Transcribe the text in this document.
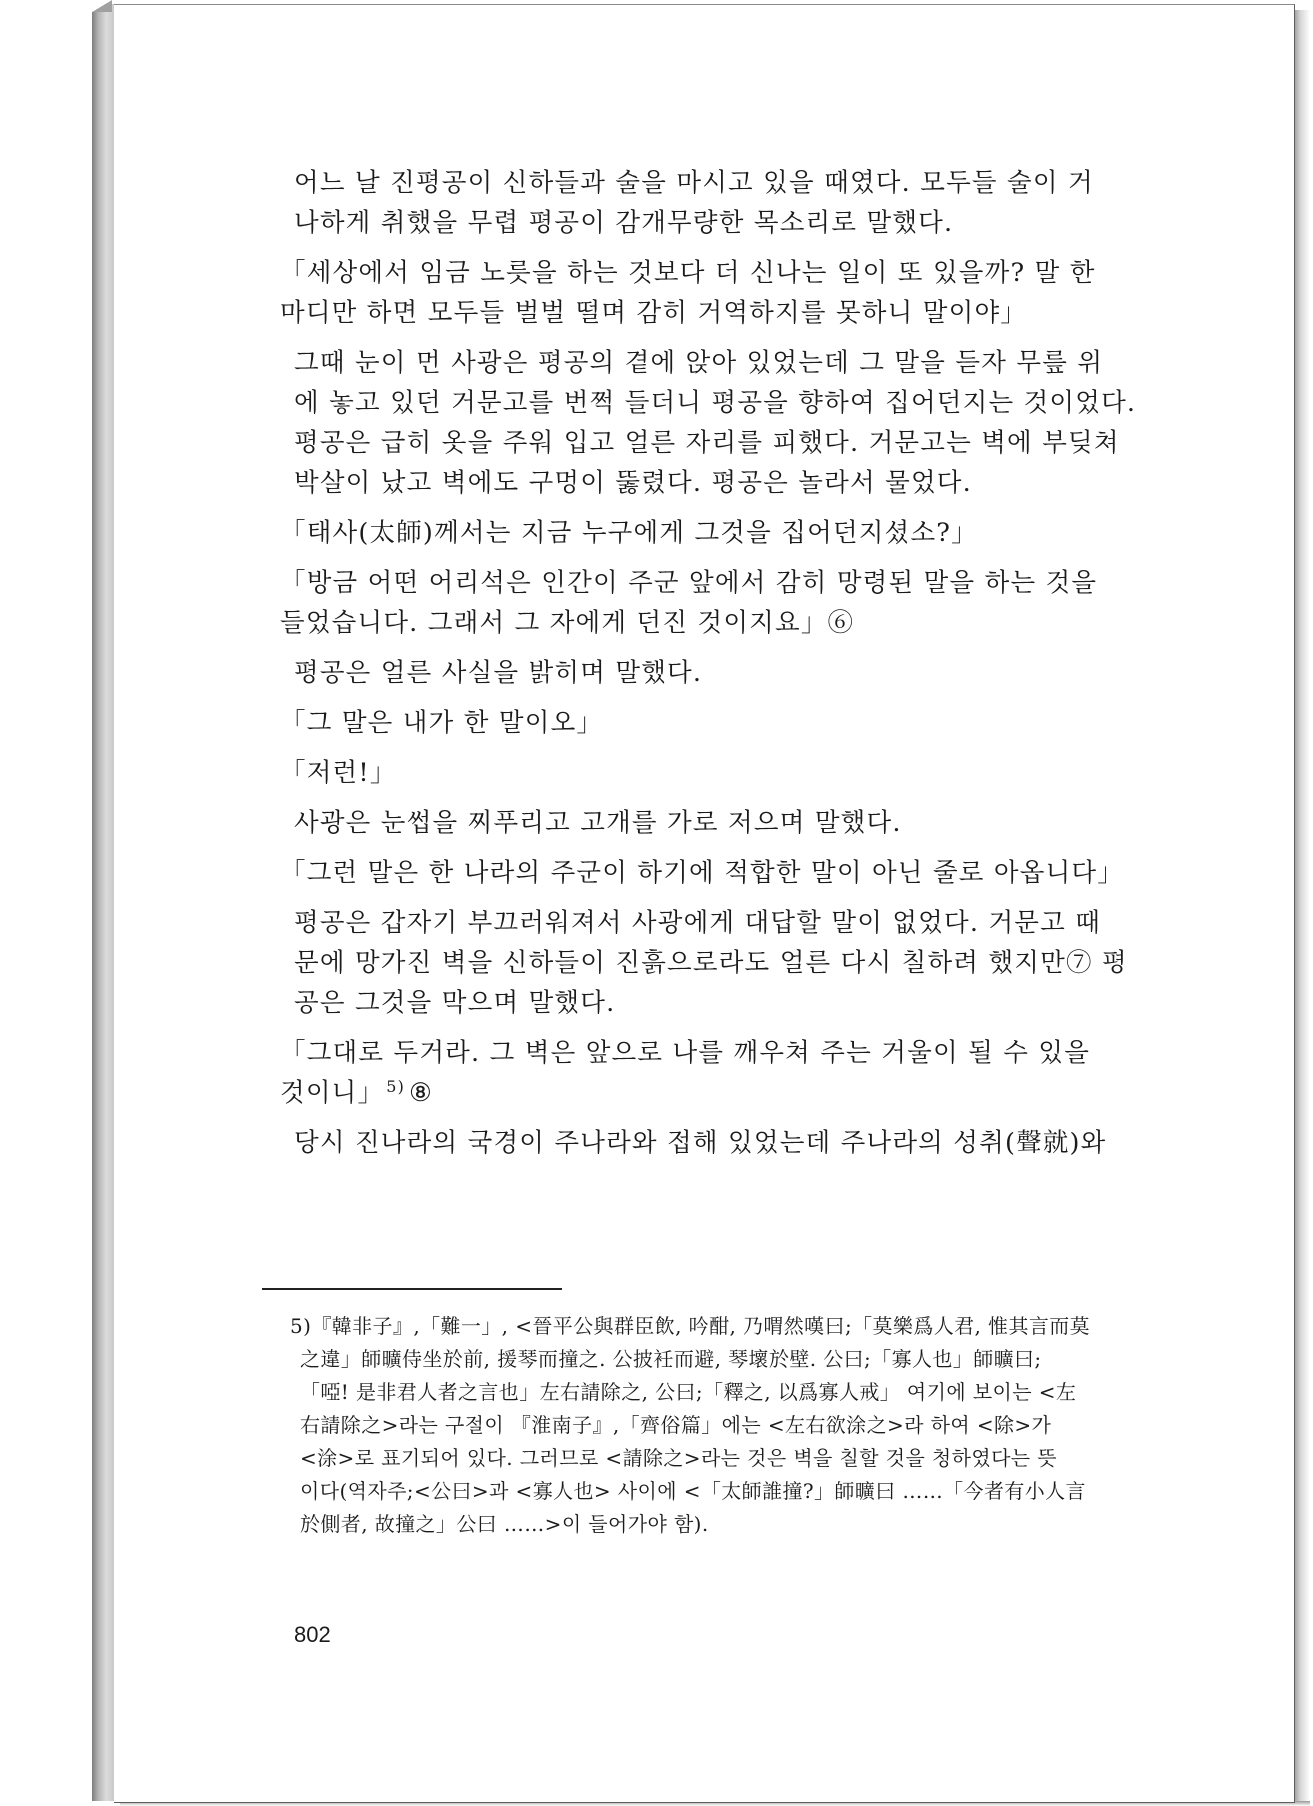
어느 날 진평공이 신하들과 술을 마시고 있을 때였다. 모두들 술이 거
나하게 취했을 무렵 평공이 감개무량한 목소리로 말했다.

「세상에서 임금 노릇을 하는 것보다 더 신나는 일이 또 있을까? 말 한
마디만 하면 모두들 벌벌 떨며 감히 거역하지를 못하니 말이야」

그때 눈이 먼 사광은 평공의 곁에 앉아 있었는데 그 말을 듣자 무릎 위
에 놓고 있던 거문고를 번쩍 들더니 평공을 향하여 집어던지는 것이었다.
평공은 급히 옷을 주워 입고 얼른 자리를 피했다. 거문고는 벽에 부딪쳐
박살이 났고 벽에도 구멍이 뚫렸다. 평공은 놀라서 물었다.

「태사(太師)께서는 지금 누구에게 그것을 집어던지셨소?」

「방금 어떤 어리석은 인간이 주군 앞에서 감히 망령된 말을 하는 것을
들었습니다. 그래서 그 자에게 던진 것이지요」⑥

평공은 얼른 사실을 밝히며 말했다.

「그 말은 내가 한 말이오」

「저런!」

사광은 눈썹을 찌푸리고 고개를 가로 저으며 말했다.

「그런 말은 한 나라의 주군이 하기에 적합한 말이 아닌 줄로 아옵니다」

평공은 갑자기 부끄러워져서 사광에게 대답할 말이 없었다. 거문고 때
문에 망가진 벽을 신하들이 진흙으로라도 얼른 다시 칠하려 했지만⑦ 평
공은 그것을 막으며 말했다.

「그대로 두거라. 그 벽은 앞으로 나를 깨우쳐 주는 거울이 될 수 있을
것이니」 $^{5)}$ ⑧

당시 진나라의 국경이 주나라와 접해 있었는데 주나라의 성취(聲就)와

5)『韓非子』,「難一」, <晉平公與群臣飲, 吟酣, 乃喟然嘆曰;「莫樂爲人君, 惟其言而莫
之違」師曠侍坐於前, 援琴而撞之. 公披衽而避, 琴壞於壁. 公曰;「寡人也」師曠曰;
「啞! 是非君人者之言也」左右請除之, 公曰;「釋之, 以爲寡人戒」 여기에 보이는 <左
右請除之>라는 구절이 『淮南子』,「齊俗篇」에는 <左右欲涂之>라 하여 <除>가
<涂>로 표기되어 있다. 그러므로 <請除之>라는 것은 벽을 칠할 것을 청하였다는 뜻
이다(역자주;<公曰>과 <寡人也> 사이에 <「太師誰撞?」師曠曰 ……「今者有小人言
於側者, 故撞之」公曰 ……>이 들어가야 함).
802
